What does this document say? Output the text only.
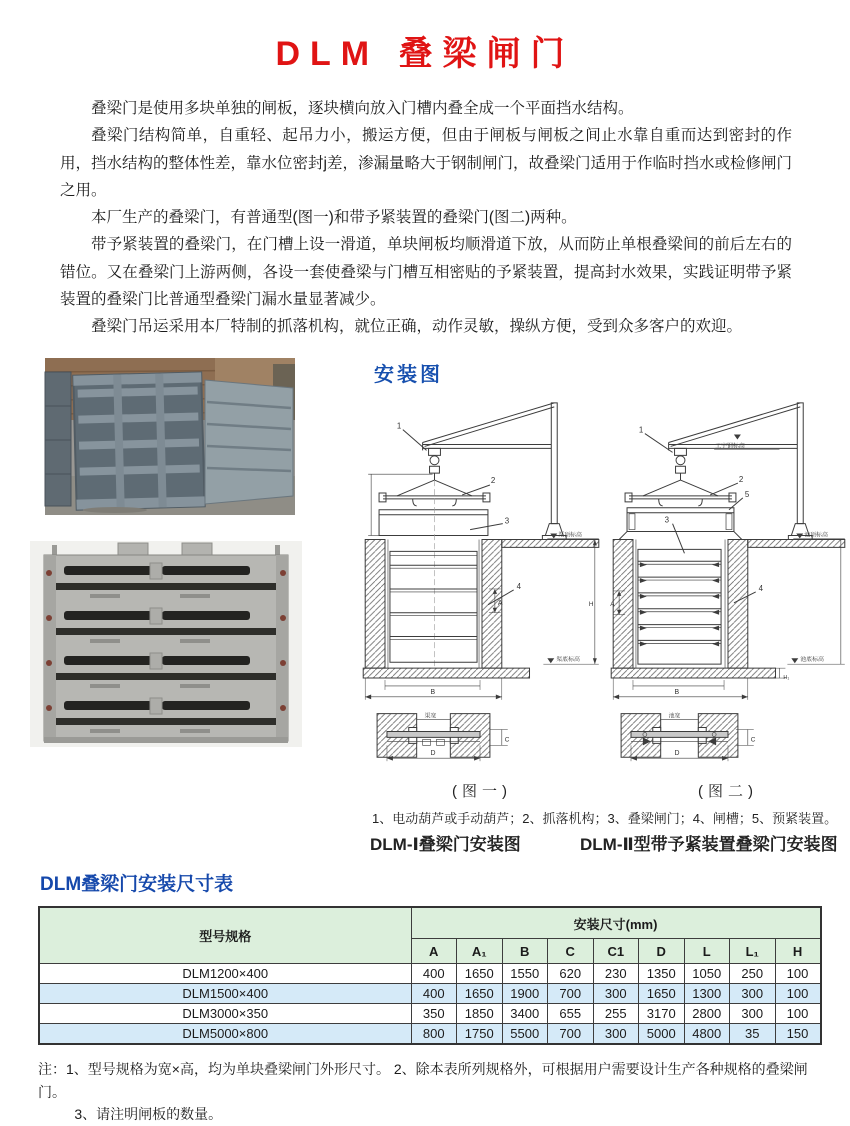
DLM 叠梁闸门

叠梁门是使用多块单独的闸板，逐块横向放入门槽内叠全成一个平面挡水结构。

叠梁门结构简单，自重轻、起吊力小，搬运方便，但由于闸板与闸板之间止水靠自重而达到密封的作用，挡水结构的整体性差，靠水位密封j差，渗漏量略大于钢制闸门，故叠梁门适用于作临时挡水或检修闸门之用。

本厂生产的叠梁门，有普通型(图一)和带予紧装置的叠梁门(图二)两种。

带予紧装置的叠梁门，在门槽上设一滑道，单块闸板均顺滑道下放，从而防止单根叠梁间的前后左右的错位。又在叠梁门上游两侧，各设一套使叠梁与门槽互相密贴的予紧装置，提高封水效果，实践证明带予紧装置的叠梁门比普通型叠梁门漏水量显著减少。

叠梁门吊运采用本厂特制的抓落机构，就位正确，动作灵敏，操纵方便，受到众多客户的欢迎。

安装图
1
2
3
4
渠顶标高
渠底标高
A
B
H
渠宽
C
D
(图一)
1
2
3
4
5
工字钢标高
池顶标高
池底标高
H₁
A
B
池宽
C
D
(图二)
1、电动葫芦或手动葫芦；2、抓落机构；3、叠梁闸门；4、闸槽；5、预紧装置。
DLM-Ⅰ叠梁门安装图	DLM-Ⅱ型带予紧装置叠梁门安装图
DLM叠梁门安装尺寸表
型号规格	安装尺寸(mm)								
	A	A₁	B	C	C1	D	L	L₁	H
DLM1200×400	400	1650	1550	620	230	1350	1050	250	100
DLM1500×400	400	1650	1900	700	300	1650	1300	300	100
DLM3000×350	350	1850	3400	655	255	3170	2800	300	100
DLM5000×800	800	1750	5500	700	300	5000	4800	35	150
注：1、型号规格为宽×高，均为单块叠梁闸门外形尺寸。 2、除本表所列规格外，可根据用户需要设计生产各种规格的叠梁闸门。
3、请注明闸板的数量。
